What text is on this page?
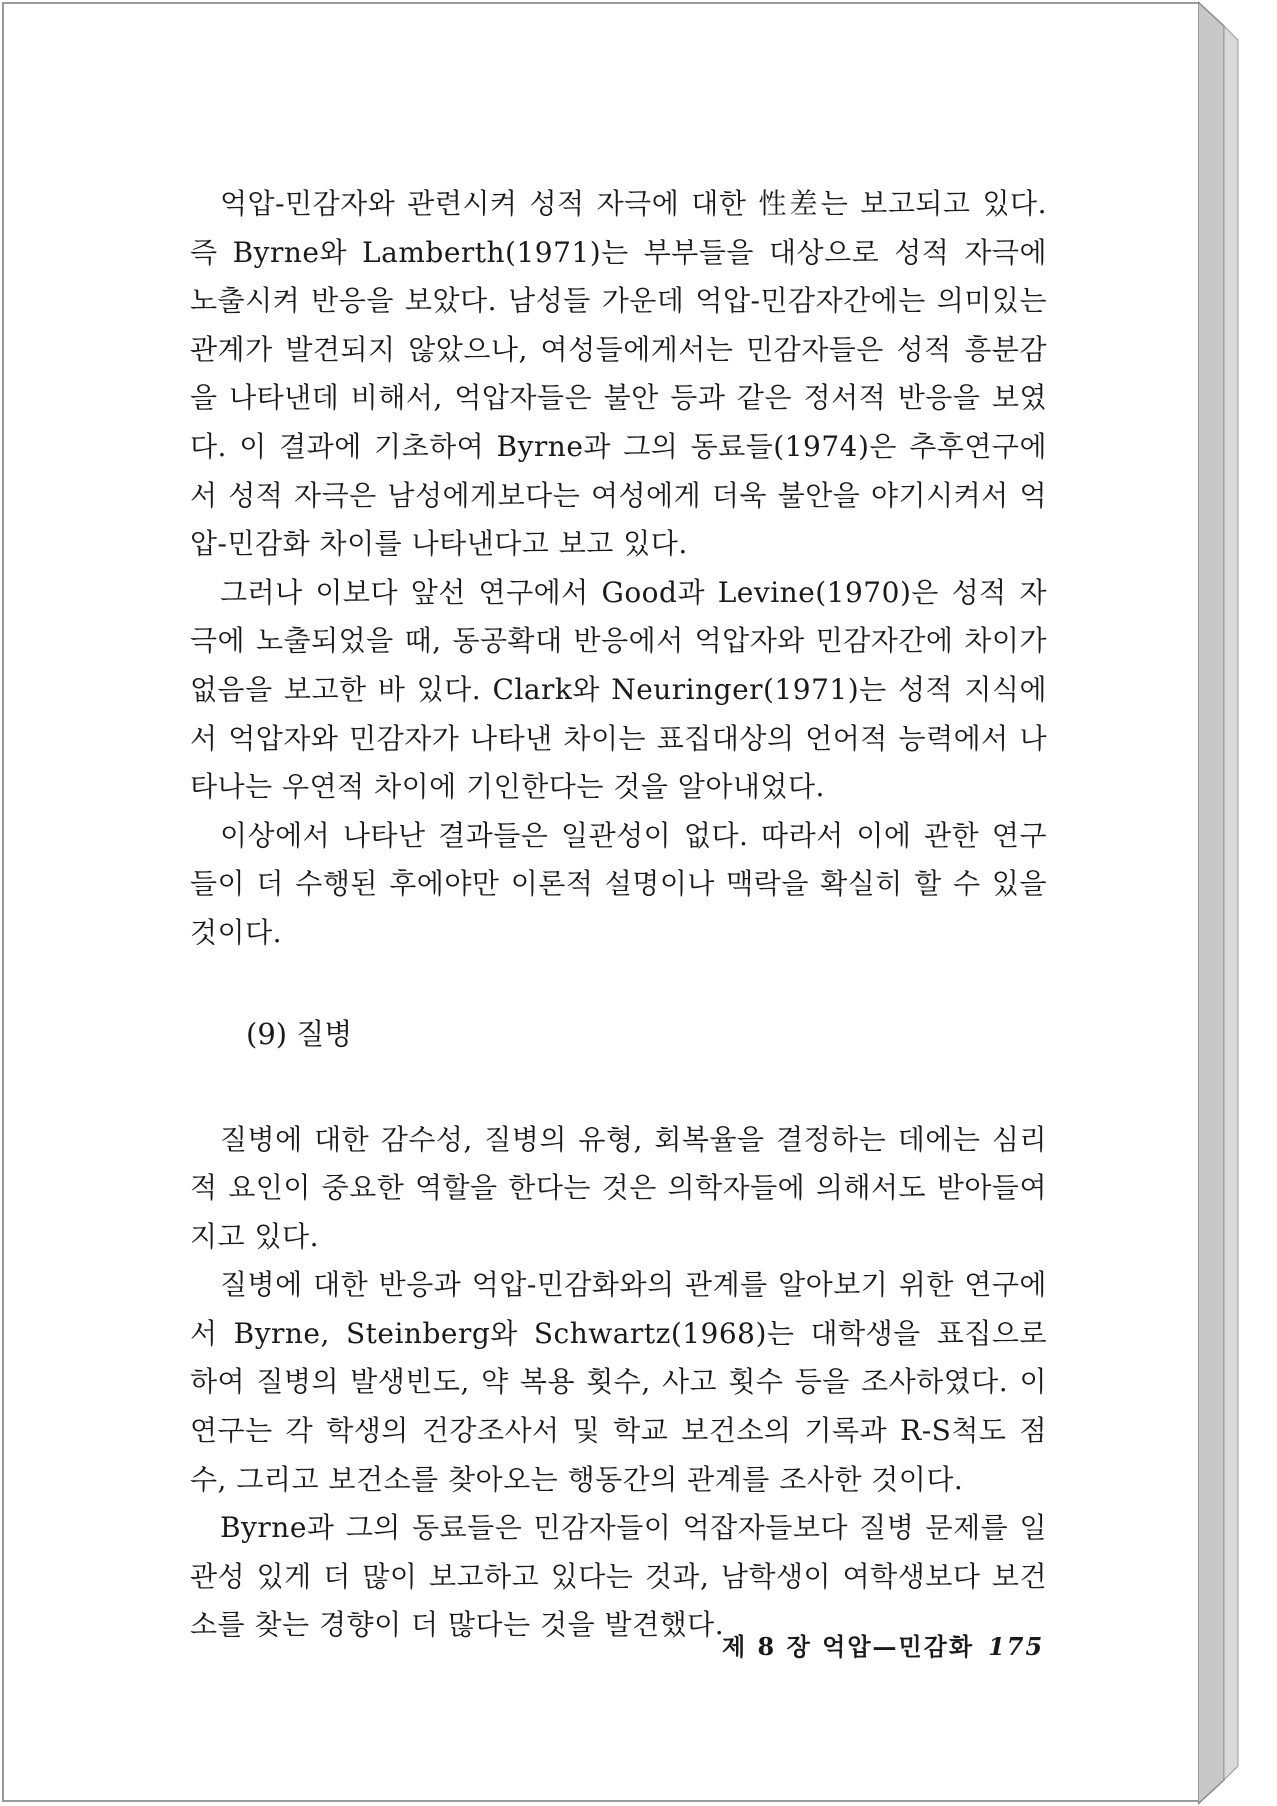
억압-민감자와 관련시켜 성적 자극에 대한 性差는 보고되고 있다. 즉 Byrne와 Lamberth(1971)는 부부들을 대상으로 성적 자극에 노출시켜 반응을 보았다. 남성들 가운데 억압-민감자간에는 의미있는 관계가 발견되지 않았으나, 여성들에게서는 민감자들은 성적 흥분감을 나타낸데 비해서, 억압자들은 불안 등과 같은 정서적 반응을 보였다. 이 결과에 기초하여 Byrne과 그의 동료들(1974)은 추후연구에서 성적 자극은 남성에게보다는 여성에게 더욱 불안을 야기시켜서 억압-민감화 차이를 나타낸다고 보고 있다.

그러나 이보다 앞선 연구에서 Good과 Levine(1970)은 성적 자극에 노출되었을 때, 동공확대 반응에서 억압자와 민감자간에 차이가 없음을 보고한 바 있다. Clark와 Neuringer(1971)는 성적 지식에서 억압자와 민감자가 나타낸 차이는 표집대상의 언어적 능력에서 나타나는 우연적 차이에 기인한다는 것을 알아내었다.

이상에서 나타난 결과들은 일관성이 없다. 따라서 이에 관한 연구들이 더 수행된 후에야만 이론적 설명이나 맥락을 확실히 할 수 있을 것이다.

(9) 질병

질병에 대한 감수성, 질병의 유형, 회복율을 결정하는 데에는 심리적 요인이 중요한 역할을 한다는 것은 의학자들에 의해서도 받아들여지고 있다.

질병에 대한 반응과 억압-민감화와의 관계를 알아보기 위한 연구에서 Byrne, Steinberg와 Schwartz(1968)는 대학생을 표집으로 하여 질병의 발생빈도, 약 복용 횟수, 사고 횟수 등을 조사하였다. 이 연구는 각 학생의 건강조사서 및 학교 보건소의 기록과 R-S척도 점수, 그리고 보건소를 찾아오는 행동간의 관계를 조사한 것이다.

Byrne과 그의 동료들은 민감자들이 억잡자들보다 질병 문제를 일관성 있게 더 많이 보고하고 있다는 것과, 남학생이 여학생보다 보건소를 찾는 경향이 더 많다는 것을 발견했다.

제 8 장 억압—민감화 175
